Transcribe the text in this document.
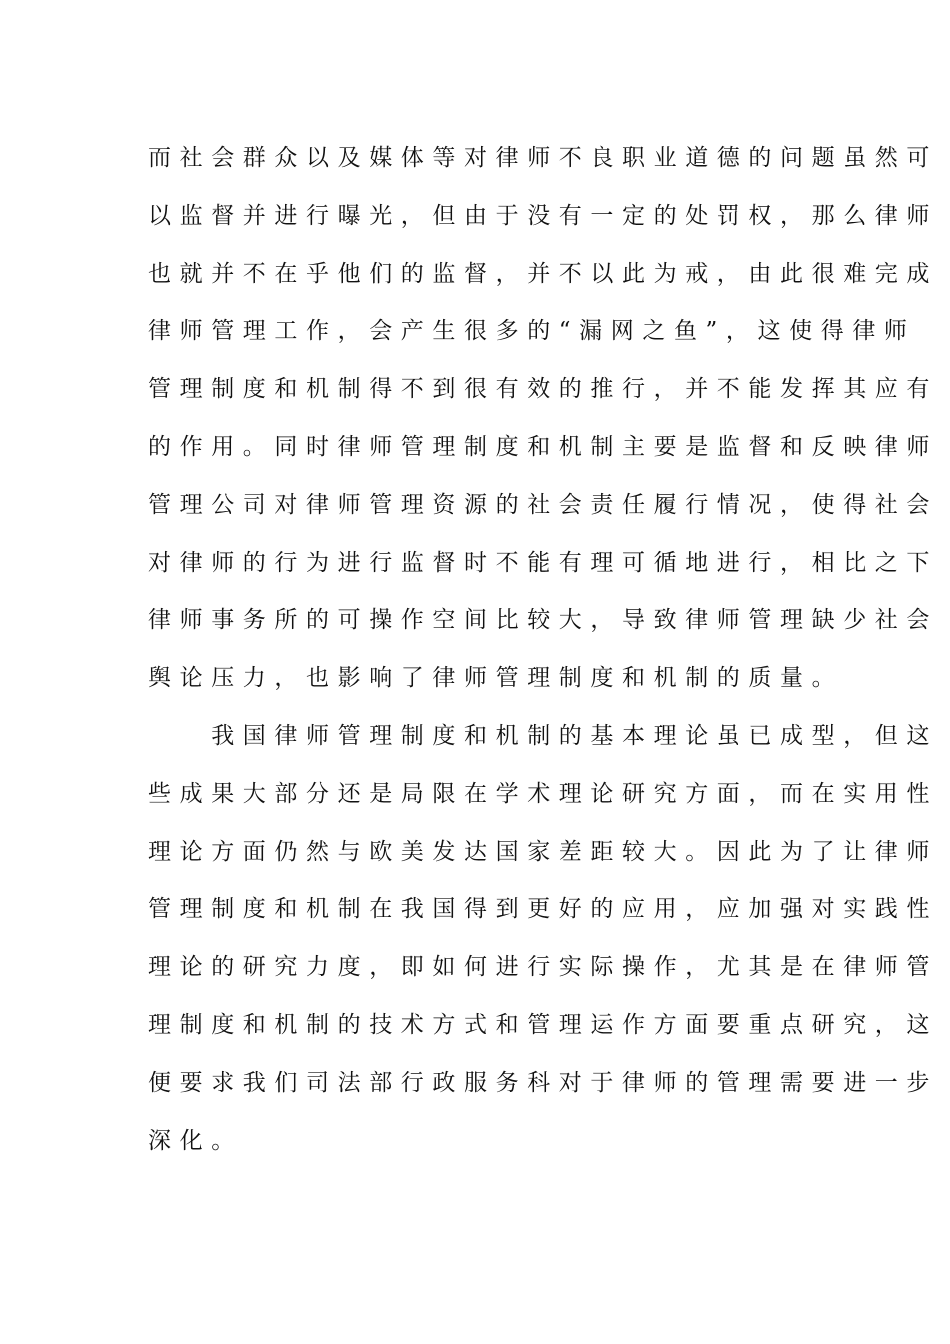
而社会群众以及媒体等对律师不良职业道德的问题虽然可
以监督并进行曝光，但由于没有一定的处罚权，那么律师
也就并不在乎他们的监督，并不以此为戒，由此很难完成
律师管理工作，会产生很多的“漏网之鱼”，这使得律师
管理制度和机制得不到很有效的推行，并不能发挥其应有
的作用。同时律师管理制度和机制主要是监督和反映律师
管理公司对律师管理资源的社会责任履行情况，使得社会
对律师的行为进行监督时不能有理可循地进行，相比之下
律师事务所的可操作空间比较大，导致律师管理缺少社会
舆论压力，也影响了律师管理制度和机制的质量。
　　我国律师管理制度和机制的基本理论虽已成型，但这
些成果大部分还是局限在学术理论研究方面，而在实用性
理论方面仍然与欧美发达国家差距较大。因此为了让律师
管理制度和机制在我国得到更好的应用，应加强对实践性
理论的研究力度，即如何进行实际操作，尤其是在律师管
理制度和机制的技术方式和管理运作方面要重点研究，这
便要求我们司法部行政服务科对于律师的管理需要进一步
深化。
